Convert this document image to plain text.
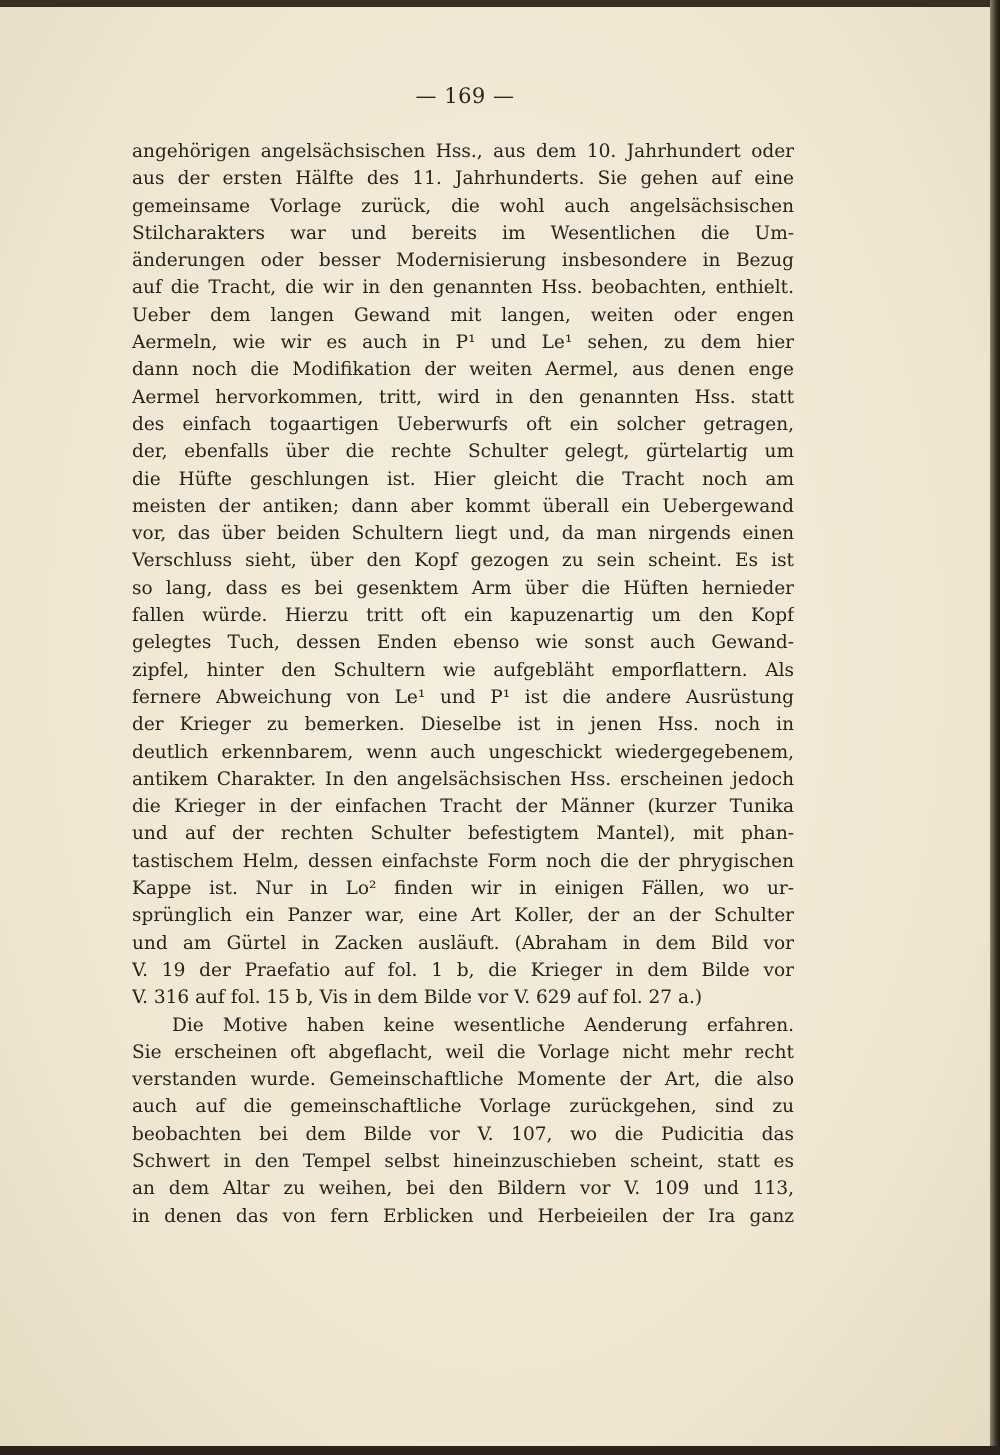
— 169 —
angehörigen angelsächsischen Hss., aus dem 10. Jahrhundert oder
aus der ersten Hälfte des 11. Jahrhunderts. Sie gehen auf eine
gemeinsame Vorlage zurück, die wohl auch angelsächsischen
Stilcharakters war und bereits im Wesentlichen die Um-
änderungen oder besser Modernisierung insbesondere in Bezug
auf die Tracht, die wir in den genannten Hss. beobachten, enthielt.
Ueber dem langen Gewand mit langen, weiten oder engen
Aermeln, wie wir es auch in P¹ und Le¹ sehen, zu dem hier
dann noch die Modifikation der weiten Aermel, aus denen enge
Aermel hervorkommen, tritt, wird in den genannten Hss. statt
des einfach togaartigen Ueberwurfs oft ein solcher getragen,
der, ebenfalls über die rechte Schulter gelegt, gürtelartig um
die Hüfte geschlungen ist. Hier gleicht die Tracht noch am
meisten der antiken; dann aber kommt überall ein Uebergewand
vor, das über beiden Schultern liegt und, da man nirgends einen
Verschluss sieht, über den Kopf gezogen zu sein scheint. Es ist
so lang, dass es bei gesenktem Arm über die Hüften hernieder
fallen würde. Hierzu tritt oft ein kapuzenartig um den Kopf
gelegtes Tuch, dessen Enden ebenso wie sonst auch Gewand-
zipfel, hinter den Schultern wie aufgebläht emporflattern. Als
fernere Abweichung von Le¹ und P¹ ist die andere Ausrüstung
der Krieger zu bemerken. Dieselbe ist in jenen Hss. noch in
deutlich erkennbarem, wenn auch ungeschickt wiedergegebenem,
antikem Charakter. In den angelsächsischen Hss. erscheinen jedoch
die Krieger in der einfachen Tracht der Männer (kurzer Tunika
und auf der rechten Schulter befestigtem Mantel), mit phan-
tastischem Helm, dessen einfachste Form noch die der phrygischen
Kappe ist. Nur in Lo² finden wir in einigen Fällen, wo ur-
sprünglich ein Panzer war, eine Art Koller, der an der Schulter
und am Gürtel in Zacken ausläuft. (Abraham in dem Bild vor
V. 19 der Praefatio auf fol. 1 b, die Krieger in dem Bilde vor
V. 316 auf fol. 15 b, Vis in dem Bilde vor V. 629 auf fol. 27 a.)
Die Motive haben keine wesentliche Aenderung erfahren.
Sie erscheinen oft abgeflacht, weil die Vorlage nicht mehr recht
verstanden wurde. Gemeinschaftliche Momente der Art, die also
auch auf die gemeinschaftliche Vorlage zurückgehen, sind zu
beobachten bei dem Bilde vor V. 107, wo die Pudicitia das
Schwert in den Tempel selbst hineinzuschieben scheint, statt es
an dem Altar zu weihen, bei den Bildern vor V. 109 und 113,
in denen das von fern Erblicken und Herbeieilen der Ira ganz
